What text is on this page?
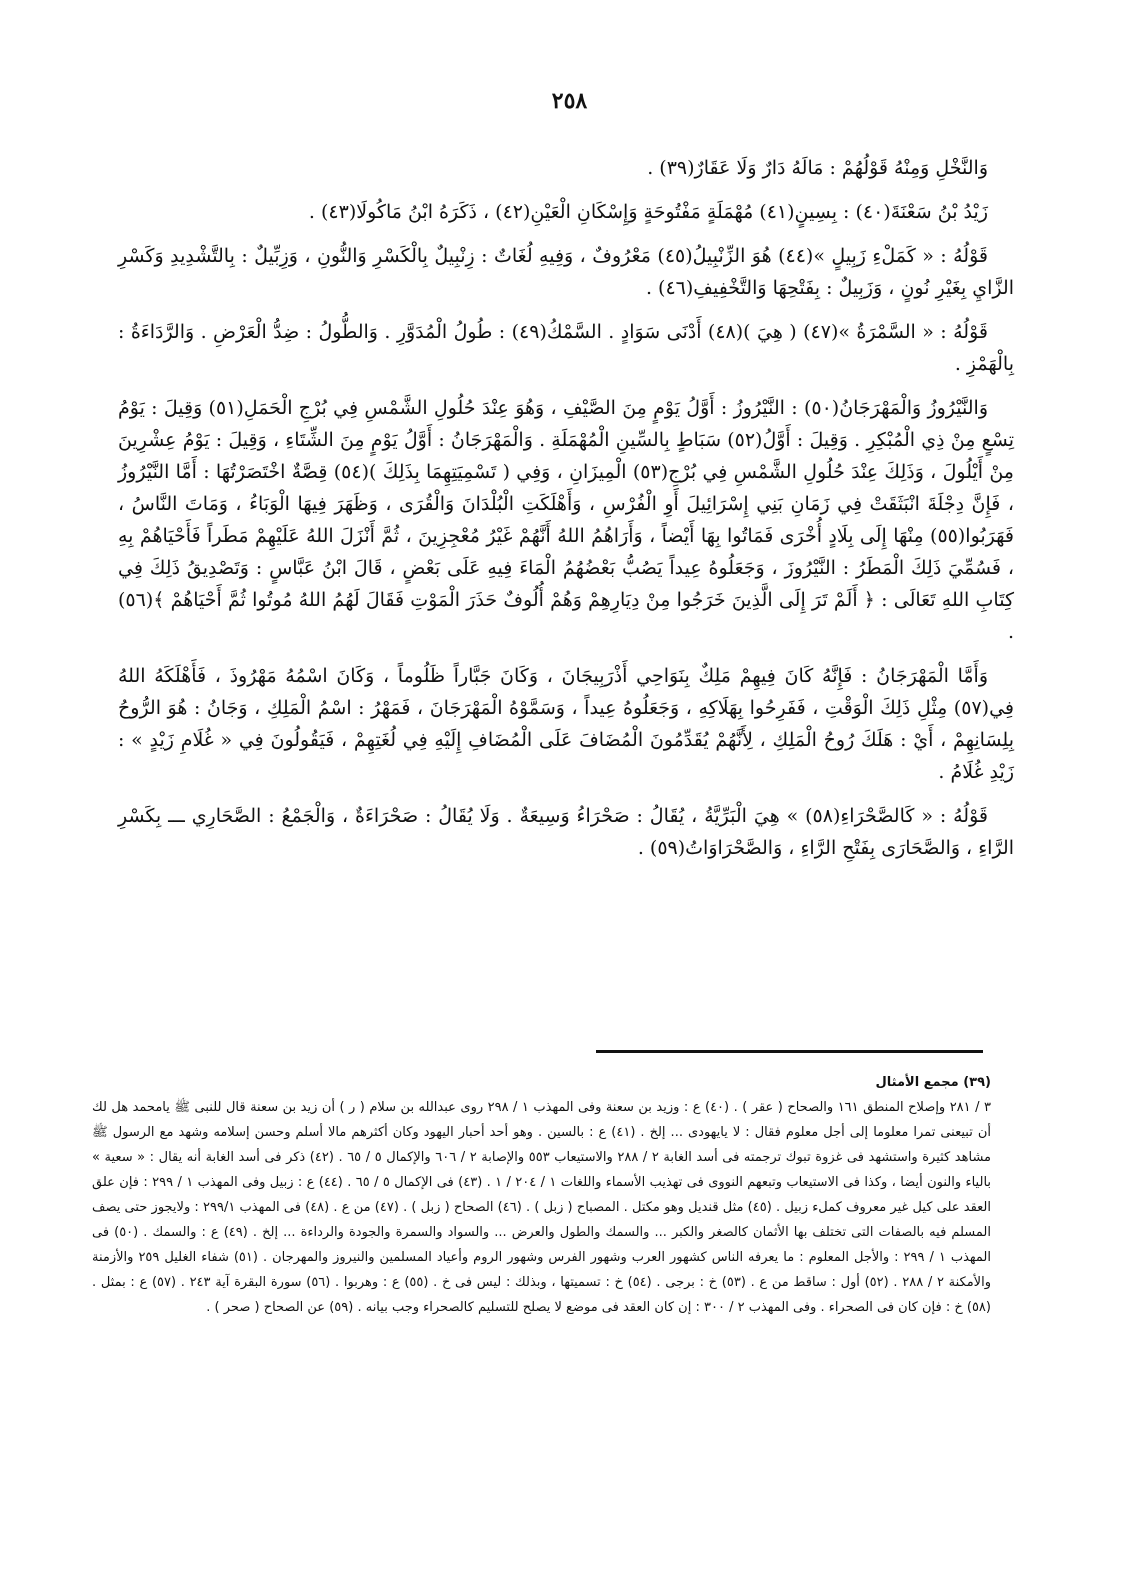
٢٥٨

وَالنَّخْلِ وَمِنْهُ قَوْلُهُمْ : مَالَهُ دَارٌ وَلَا عَقَارٌ(٣٩) .

زَيْدُ بْنُ سَعْنَةَ(٤٠) : بِسِينٍ(٤١) مُهْمَلَةٍ مَفْتُوحَةٍ وَإِسْكَانِ الْعَيْنِ(٤٢) ، ذَكَرَهُ ابْنُ مَاكُولَا(٤٣) .

قَوْلُهُ : « كَمَلْءِ زَبِيلٍ »(٤٤) هُوَ الزِّنْبِيلُ(٤٥) مَعْرُوفٌ ، وَفِيهِ لُغَاتٌ : زِنْبِيلٌ بِالْكَسْرِ وَالنُّونِ ، وَزِبِّيلٌ : بِالتَّشْدِيدِ وَكَسْرِ الزَّايِ بِغَيْرِ نُونٍ ، وَزَبِيلٌ : بِفَتْحِهَا وَالتَّخْفِيفِ(٤٦) .

قَوْلُهُ : « السَّمْرَةُ »(٤٧) ( هِيَ )(٤٨) أَدْنَى سَوَادٍ . السَّمْكُ(٤٩) : طُولُ الْمُدَوَّرِ . وَالطُّولُ : ضِدُّ الْعَرْضِ . وَالرَّدَاءَةُ : بِالْهَمْزِ .

وَالنَّيْرُوزُ وَالْمَهْرَجَانُ(٥٠) : النَّيْرُوزُ : أَوَّلُ يَوْمٍ مِنَ الصَّيْفِ ، وَهُوَ عِنْدَ حُلُولِ الشَّمْسِ فِي بُرْجِ الْحَمَلِ(٥١) وَقِيلَ : يَوْمُ تِسْعٍ مِنْ ذِي الْمُبْكِرِ . وَقِيلَ : أَوَّلُ(٥٢) سَبَاطٍ بِالسِّينِ الْمُهْمَلَةِ . وَالْمَهْرَجَانُ : أَوَّلُ يَوْمٍ مِنَ الشِّتَاءِ ، وَقِيلَ : يَوْمُ عِشْرِينَ مِنْ أَيْلُولَ ، وَذَلِكَ عِنْدَ حُلُولِ الشَّمْسِ فِي بُرْجِ(٥٣) الْمِيزَانِ ، وَفِي ( تَسْمِيَتِهِمَا بِذَلِكَ )(٥٤) قِصَّةٌ اخْتَصَرْتُهَا : أَمَّا النَّيْرُوزُ ، فَإِنَّ دِجْلَةَ انْبَثَقَتْ فِي زَمَانِ بَنِي إِسْرَائِيلَ أَوِ الْفُرْسِ ، وَأَهْلَكَتِ الْبُلْدَانَ وَالْقُرَى ، وَظَهَرَ فِيهَا الْوَبَاءُ ، وَمَاتَ النَّاسُ ، فَهَرَبُوا(٥٥) مِنْهَا إِلَى بِلَادٍ أُخْرَى فَمَاتُوا بِهَا أَيْضاً ، وَأَرَاهُمُ اللهُ أَنَّهُمْ غَيْرُ مُعْجِزِينَ ، ثُمَّ أَنْزَلَ اللهُ عَلَيْهِمْ مَطَراً فَأَحْيَاهُمْ بِهِ ، فَسُمِّيَ ذَلِكَ الْمَطَرُ : النَّيْرُوزَ ، وَجَعَلُوهُ عِيداً يَصُبُّ بَعْضُهُمُ الْمَاءَ فِيهِ عَلَى بَعْضٍ ، قَالَ ابْنُ عَبَّاسٍ : وَتَصْدِيقُ ذَلِكَ فِي كِتَابِ اللهِ تَعَالَى : ﴿ أَلَمْ تَرَ إِلَى الَّذِينَ خَرَجُوا مِنْ دِيَارِهِمْ وَهُمْ أُلُوفٌ حَذَرَ الْمَوْتِ فَقَالَ لَهُمُ اللهُ مُوتُوا ثُمَّ أَحْيَاهُمْ ﴾(٥٦) .

وَأَمَّا الْمَهْرَجَانُ : فَإِنَّهُ كَانَ فِيهِمْ مَلِكٌ بِنَوَاحِي أَذْرَبِيجَانَ ، وَكَانَ جَبَّاراً ظَلُوماً ، وَكَانَ اسْمُهُ مَهْرُوذَ ، فَأَهْلَكَهُ اللهُ فِي(٥٧) مِثْلِ ذَلِكَ الْوَقْتِ ، فَفَرِحُوا بِهَلَاكِهِ ، وَجَعَلُوهُ عِيداً ، وَسَمَّوْهُ الْمَهْرَجَانَ ، فَمَهْرُ : اسْمُ الْمَلِكِ ، وَجَانُ : هُوَ الرُّوحُ بِلِسَانِهِمْ ، أَيْ : هَلَكَ رُوحُ الْمَلِكِ ، لِأَنَّهُمْ يُقَدِّمُونَ الْمُضَافَ عَلَى الْمُضَافِ إِلَيْهِ فِي لُغَتِهِمْ ، فَيَقُولُونَ فِي « غُلَامِ زَيْدٍ » : زَيْدِ غُلَامُ .

قَوْلُهُ : « كَالصَّحْرَاءِ(٥٨) » هِيَ الْبَرِّيَّةُ ، يُقَالُ : صَحْرَاءُ وَسِيعَةٌ . وَلَا يُقَالُ : صَحْرَاءَةٌ ، وَالْجَمْعُ : الصَّحَارِي ـــ بِكَسْرِ الرَّاءِ ، وَالصَّحَارَى بِفَتْحِ الرَّاءِ ، وَالصَّحْرَاوَاتُ(٥٩) .

(٣٩) مجمع الأمثال
٣ / ٢٨١ وإصلاح المنطق ١٦١ والصحاح ( عقر ) . (٤٠) ع : وزيد بن سعنة وفى المهذب ١ / ٢٩٨ روى عبدالله بن سلام ( ر ) أن زيد بن سعنة قال للنبى ﷺ يامحمد هل لك أن تبيعنى تمرا معلوما إلى أجل معلوم فقال : لا يايهودى ... إلخ . (٤١) ع : بالسين . وهو أحد أحبار اليهود وكان أكثرهم مالا أسلم وحسن إسلامه وشهد مع الرسول ﷺ مشاهد كثيرة واستشهد فى غزوة تبوك ترجمته فى أسد الغابة ٢ / ٢٨٨ والاستيعاب ٥٥٣ والإصابة ٢ / ٦٠٦ والإكمال ٥ / ٦٥ . (٤٢) ذكر فى أسد الغابة أنه يقال : « سعية » بالياء والنون أيضا ، وكذا فى الاستيعاب وتبعهم النووى فى تهذيب الأسماء واللغات ١ / ٢٠٤ / ١ . (٤٣) فى الإكمال ٥ / ٦٥ . (٤٤) ع : زبيل وفى المهذب ١ / ٢٩٩ : فإن علق العقد على كيل غير معروف كملء زبيل . (٤٥) مثل قنديل وهو مكتل . المصباح ( زبل ) . (٤٦) الصحاح ( زبل ) . (٤٧) من ع . (٤٨) فى المهذب ٢٩٩/١ : ولايجوز حتى يصف المسلم فيه بالصفات التى تختلف بها الأثمان كالصغر والكبر ... والسمك والطول والعرض ... والسواد والسمرة والجودة والرداءة ... إلخ . (٤٩) ع : والسمك . (٥٠) فى المهذب ١ / ٢٩٩ : والأجل المعلوم : ما يعرفه الناس كشهور العرب وشهور الفرس وشهور الروم وأعياد المسلمين والنيروز والمهرجان . (٥١) شفاء الغليل ٢٥٩ والأزمنة والأمكنة ٢ / ٢٨٨ . (٥٢) أول : ساقط من ع . (٥٣) خ : برجى . (٥٤) خ : تسميتها ، وبذلك : ليس فى خ . (٥٥) ع : وهربوا . (٥٦) سورة البقرة آية ٢٤٣ . (٥٧) ع : بمثل . (٥٨) خ : فإن كان فى الصحراء . وفى المهذب ٢ / ٣٠٠ : إن كان العقد فى موضع لا يصلح للتسليم كالصحراء وجب بيانه . (٥٩) عن الصحاح ( صحر ) .
